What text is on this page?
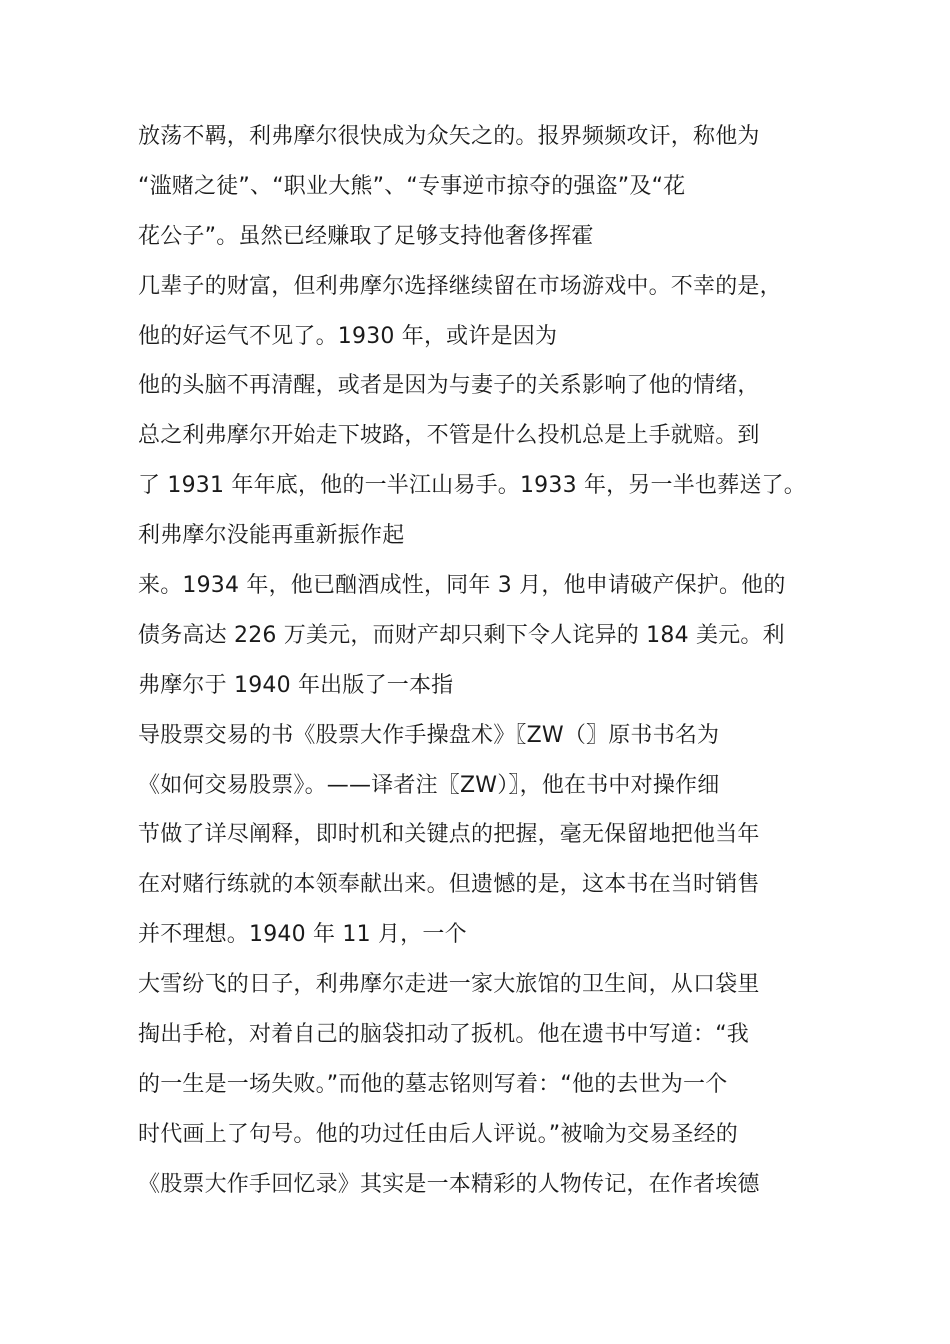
放荡不羁，利弗摩尔很快成为众矢之的。报界频频攻讦，称他为
“滥赌之徒”、“职业大熊”、“专事逆市掠夺的强盗”及“花
花公子”。虽然已经赚取了足够支持他奢侈挥霍
几辈子的财富，但利弗摩尔选择继续留在市场游戏中。不幸的是，
他的好运气不见了。1930 年，或许是因为
他的头脑不再清醒，或者是因为与妻子的关系影响了他的情绪，
总之利弗摩尔开始走下坡路，不管是什么投机总是上手就赔。到
了 1931 年年底，他的一半江山易手。1933 年，另一半也葬送了。
利弗摩尔没能再重新振作起
来。1934 年，他已酗酒成性，同年 3 月，他申请破产保护。他的
债务高达 226 万美元，而财产却只剩下令人诧异的 184 美元。利
弗摩尔于 1940 年出版了一本指
导股票交易的书《股票大作手操盘术》〖ZW（〗原书书名为
《如何交易股票》。——译者注〖ZW）〗，他在书中对操作细
节做了详尽阐释，即时机和关键点的把握，毫无保留地把他当年
在对赌行练就的本领奉献出来。但遗憾的是，这本书在当时销售
并不理想。1940 年 11 月，一个
大雪纷飞的日子，利弗摩尔走进一家大旅馆的卫生间，从口袋里
掏出手枪，对着自己的脑袋扣动了扳机。他在遗书中写道：“我
的一生是一场失败。”而他的墓志铭则写着：“他的去世为一个
时代画上了句号。他的功过任由后人评说。”被喻为交易圣经的
《股票大作手回忆录》其实是一本精彩的人物传记，在作者埃德
